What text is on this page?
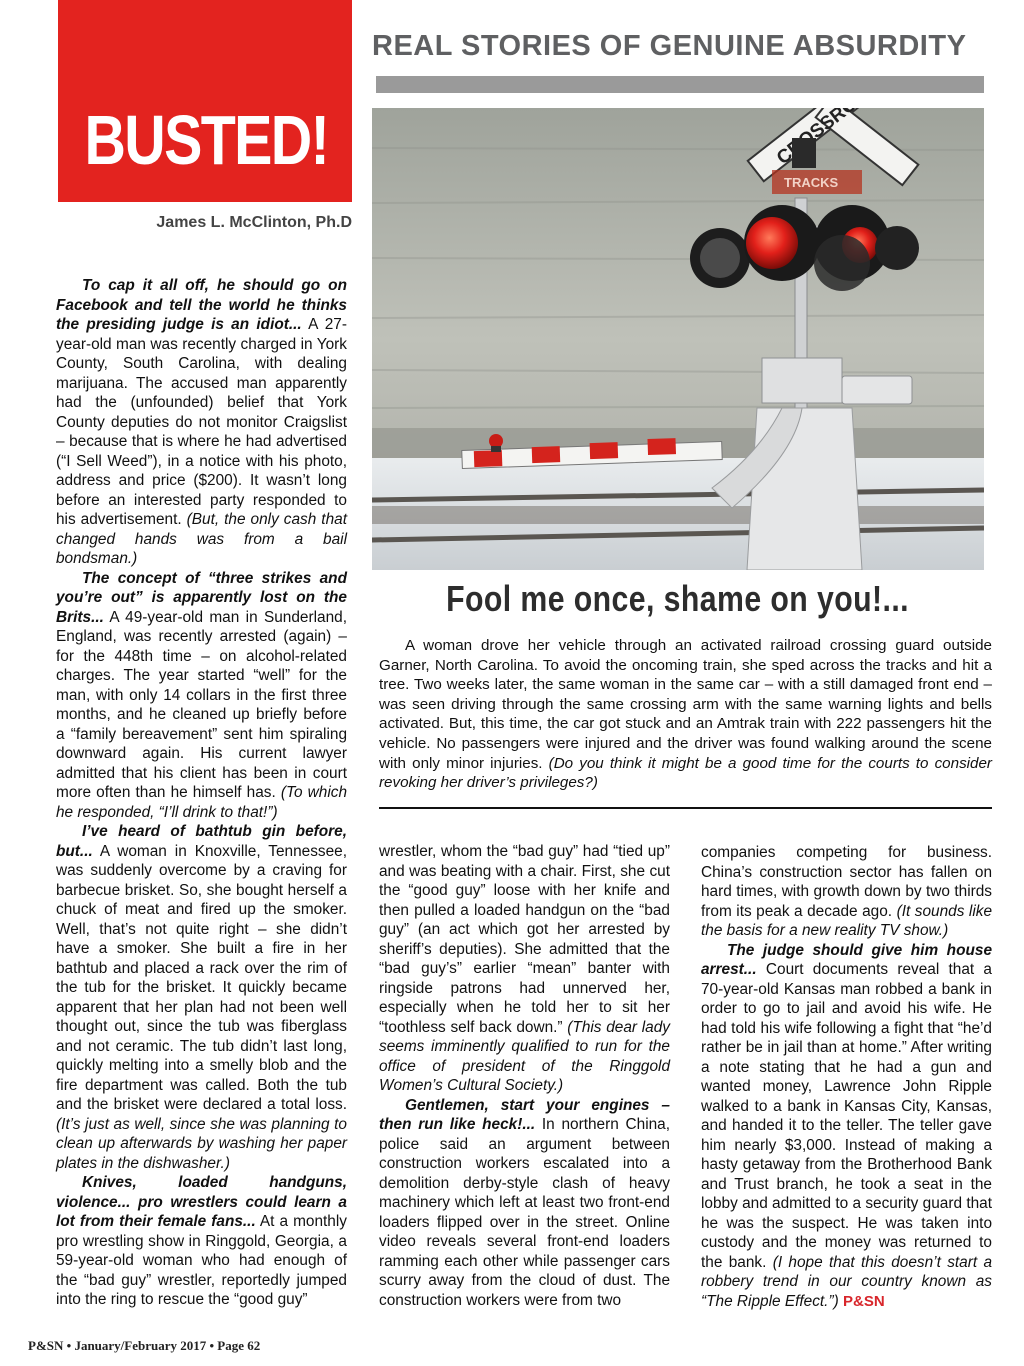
BUSTED!
James L. McClinton, Ph.D
REAL STORIES OF GENUINE ABSURDITY
TRACKS
Fool me once, shame on you!...

A woman drove her vehicle through an activated railroad crossing guard outside Garner, North Carolina. To avoid the oncoming train, she sped across the tracks and hit a tree. Two weeks later, the same woman in the same car – with a still damaged front end – was seen driving through the same crossing arm with the same warning lights and bells activated. But, this time, the car got stuck and an Amtrak train with 222 passengers hit the vehicle. No passengers were injured and the driver was found walking around the scene with only minor injuries. (Do you think it might be a good time for the courts to consider revoking her driver’s privileges?)

To cap it all off, he should go on Facebook and tell the world he thinks the presiding judge is an idiot... A 27-year-old man was recently charged in York County, South Carolina, with dealing marijuana. The accused man apparently had the (unfounded) belief that York County deputies do not monitor Craigslist – because that is where he had advertised (“I Sell Weed”), in a notice with his photo, address and price ($200). It wasn’t long before an interested party responded to his advertisement. (But, the only cash that changed hands was from a bail bondsman.)

The concept of “three strikes and you’re out” is apparently lost on the Brits... A 49-year-old man in Sunderland, England, was recently arrested (again) – for the 448th time – on alcohol-related charges. The year started “well” for the man, with only 14 collars in the first three months, and he cleaned up briefly before a “family bereavement” sent him spiraling downward again. His current lawyer admitted that his client has been in court more often than he himself has. (To which he responded, “I’ll drink to that!”)

I’ve heard of bathtub gin before, but... A woman in Knoxville, Tennessee, was suddenly overcome by a craving for barbecue brisket. So, she bought herself a chuck of meat and fired up the smoker. Well, that’s not quite right – she didn’t have a smoker. She built a fire in her bathtub and placed a rack over the rim of the tub for the brisket. It quickly became apparent that her plan had not been well thought out, since the tub was fiberglass and not ceramic. The tub didn’t last long, quickly melting into a smelly blob and the fire department was called. Both the tub and the brisket were declared a total loss. (It’s just as well, since she was planning to clean up afterwards by washing her paper plates in the dishwasher.)

Knives, loaded handguns, violence... pro wrestlers could learn a lot from their female fans... At a monthly pro wrestling show in Ringgold, Georgia, a 59-year-old woman who had enough of the “bad guy” wrestler, reportedly jumped into the ring to rescue the “good guy”

wrestler, whom the “bad guy” had “tied up” and was beating with a chair. First, she cut the “good guy” loose with her knife and then pulled a loaded handgun on the “bad guy” (an act which got her arrested by sheriff’s deputies). She admitted that the “bad guy’s” earlier “mean” banter with ringside patrons had unnerved her, especially when he told her to sit her “toothless self back down.” (This dear lady seems imminently qualified to run for the office of president of the Ringgold Women’s Cultural Society.)

Gentlemen, start your engines – then run like heck!... In northern China, police said an argument between construction workers escalated into a demolition derby-style clash of heavy machinery which left at least two front-end loaders flipped over in the street. Online video reveals several front-end loaders ramming each other while passenger cars scurry away from the cloud of dust. The construction workers were from two

companies competing for business. China’s construction sector has fallen on hard times, with growth down by two thirds from its peak a decade ago. (It sounds like the basis for a new reality TV show.)

The judge should give him house arrest... Court documents reveal that a 70-year-old Kansas man robbed a bank in order to go to jail and avoid his wife. He had told his wife following a fight that “he’d rather be in jail than at home.” After writing a note stating that he had a gun and wanted money, Lawrence John Ripple walked to a bank in Kansas City, Kansas, and handed it to the teller. The teller gave him nearly $3,000. Instead of making a hasty getaway from the Brotherhood Bank and Trust branch, he took a seat in the lobby and admitted to a security guard that he was the suspect. He was taken into custody and the money was returned to the bank. (I hope that this doesn’t start a robbery trend in our country known as “The Ripple Effect.”) P&SN

P&SN • January/February 2017 • Page 62
